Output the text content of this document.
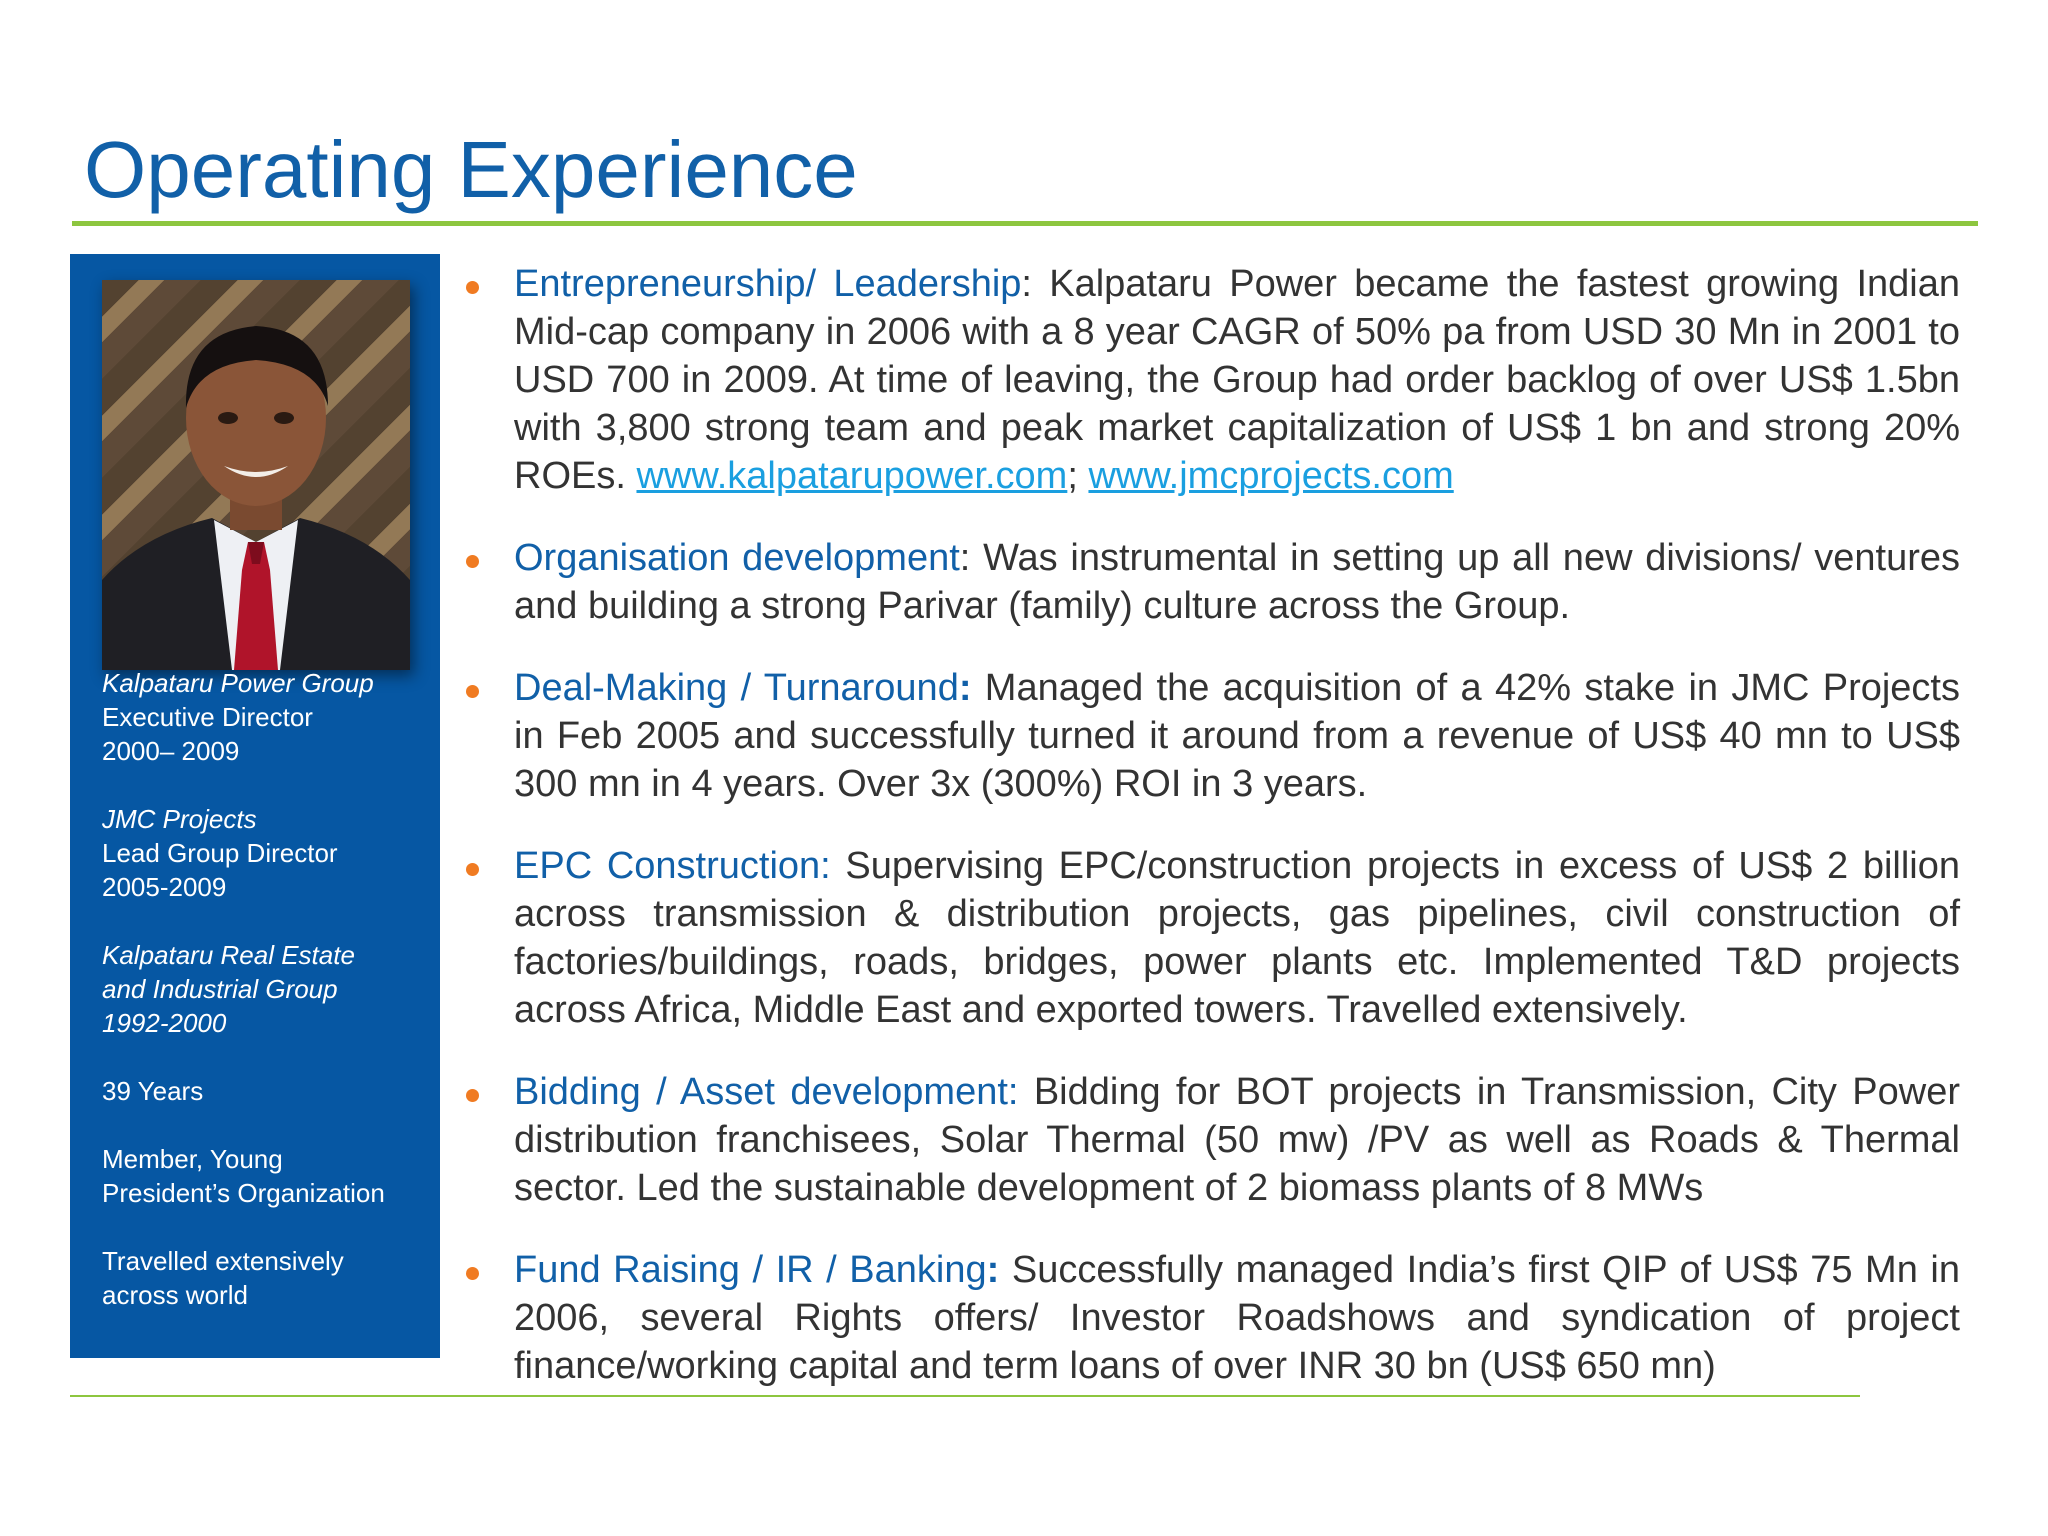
Operating Experience
Kalpataru Power Group
Executive Director
2000– 2009
JMC Projects
Lead Group Director
2005-2009
Kalpataru Real Estate
and Industrial Group
1992-2000
39 Years
Member, Young
President’s Organization
Travelled extensively
across world
Entrepreneurship/ Leadership: Kalpataru Power became the fastest growing Indian Mid-cap company in 2006 with a 8 year CAGR of 50% pa from USD 30 Mn in 2001 to USD 700 in 2009. At time of leaving, the Group had order backlog of over US$ 1.5bn with 3,800 strong team and peak market capitalization of US$ 1 bn and strong 20% ROEs. www.kalpatarupower.com; www.jmcprojects.com
Organisation development: Was instrumental in setting up all new divisions/ ventures and building a strong Parivar (family) culture across the Group.
Deal-Making / Turnaround: Managed the acquisition of a 42% stake in JMC Projects in Feb 2005 and successfully turned it around from a revenue of US$ 40 mn to US$ 300 mn in 4 years. Over 3x (300%) ROI in 3 years.
EPC Construction: Supervising EPC/construction projects in excess of US$ 2 billion across transmission & distribution projects, gas pipelines, civil construction of factories/buildings, roads, bridges, power plants etc. Implemented T&D projects across Africa, Middle East and exported towers. Travelled extensively.
Bidding / Asset development: Bidding for BOT projects in Transmission, City Power distribution franchisees, Solar Thermal (50 mw) /PV as well as Roads & Thermal sector. Led the sustainable development of 2 biomass plants of 8 MWs
Fund Raising / IR / Banking: Successfully managed India’s first QIP of US$ 75 Mn in 2006, several Rights offers/ Investor Roadshows and syndication of project finance/working capital and term loans of over INR 30 bn (US$ 650 mn)
